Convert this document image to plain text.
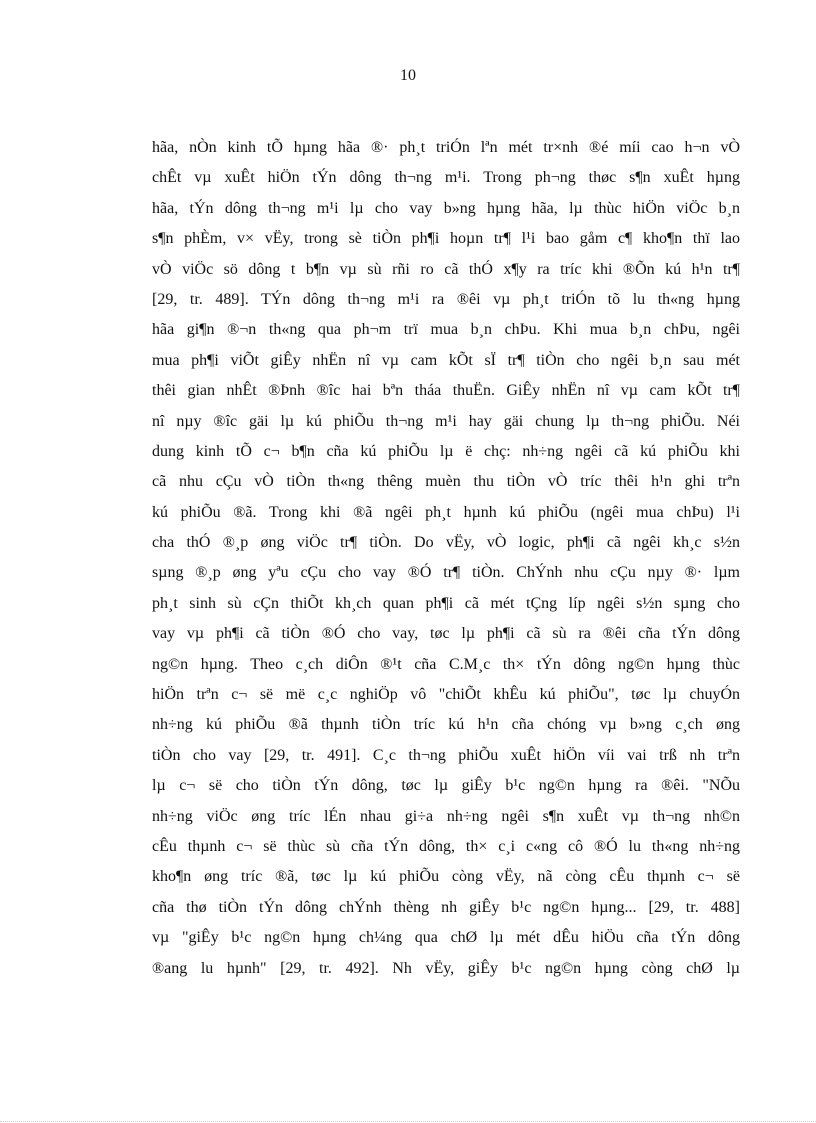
10
hãa, nÒn kinh tÕ hµng hãa ®· ph¸t triÓn lªn mét tr×nh ®é míi cao h¬n vÒ
chÊt vµ xuÊt hiÖn tÝn dông th¬ng m¹i. Trong ph¬ng thøc s¶n xuÊt hµng
hãa, tÝn dông th¬ng m¹i lµ cho vay b»ng hµng hãa, lµ thùc hiÖn viÖc b¸n
s¶n phÈm, v× vËy, trong sè tiÒn ph¶i hoµn tr¶ l¹i bao gåm c¶ kho¶n thï lao
vÒ viÖc sö dông t b¶n vµ sù rñi ro cã thÓ x¶y ra tríc khi ®Õn kú h¹n tr¶
[29, tr. 489]. TÝn dông th¬ng m¹i ra ®êi vµ ph¸t triÓn tõ lu th«ng hµng
hãa gi¶n ®¬n th«ng qua ph¬m trï mua b¸n chÞu. Khi mua b¸n chÞu, ngêi
mua ph¶i viÕt giÊy nhËn nî vµ cam kÕt sÏ tr¶ tiÒn cho ngêi b¸n sau mét
thêi gian nhÊt ®Þnh ®îc hai bªn tháa thuËn. GiÊy nhËn nî vµ cam kÕt tr¶
nî nµy ®îc gäi lµ kú phiÕu th¬ng m¹i hay gäi chung lµ th¬ng phiÕu. Néi
dung kinh tÕ c¬ b¶n cña kú phiÕu lµ ë chç: nh÷ng ngêi cã kú phiÕu khi
cã nhu cÇu vÒ tiÒn th«ng thêng muèn thu tiÒn vÒ tríc thêi h¹n ghi trªn
kú phiÕu ®ã. Trong khi ®ã ngêi ph¸t hµnh kú phiÕu (ngêi mua chÞu) l¹i
cha thÓ ®¸p øng viÖc tr¶ tiÒn. Do vËy, vÒ logic, ph¶i cã ngêi kh¸c s½n
sµng ®¸p øng yªu cÇu cho vay ®Ó tr¶ tiÒn. ChÝnh nhu cÇu nµy ®· lµm
ph¸t sinh sù cÇn thiÕt kh¸ch quan ph¶i cã mét tÇng líp ngêi s½n sµng cho
vay vµ ph¶i cã tiÒn ®Ó cho vay, tøc lµ ph¶i cã sù ra ®êi cña tÝn dông
ng©n hµng. Theo c¸ch diÔn ®¹t cña C.M¸c th× tÝn dông ng©n hµng thùc
hiÖn trªn c¬ së më c¸c nghiÖp vô "chiÕt khÊu kú phiÕu", tøc lµ chuyÓn
nh÷ng kú phiÕu ®ã thµnh tiÒn tríc kú h¹n cña chóng vµ b»ng c¸ch øng
tiÒn cho vay [29, tr. 491]. C¸c th¬ng phiÕu xuÊt hiÖn víi vai trß nh trªn
lµ c¬ së cho tiÒn tÝn dông, tøc lµ giÊy b¹c ng©n hµng ra ®êi. "NÕu
nh÷ng viÖc øng tríc lÉn nhau gi÷a nh÷ng ngêi s¶n xuÊt vµ th¬ng nh©n
cÊu thµnh c¬ së thùc sù cña tÝn dông, th× c¸i c«ng cô ®Ó lu th«ng nh÷ng
kho¶n øng tríc ®ã, tøc lµ kú phiÕu còng vËy, nã còng cÊu thµnh c¬ së
cña thø tiÒn tÝn dông chÝnh thèng nh giÊy b¹c ng©n hµng... [29, tr. 488]
vµ "giÊy b¹c ng©n hµng ch¼ng qua chØ lµ mét dÊu hiÖu cña tÝn dông
®ang lu hµnh" [29, tr. 492]. Nh vËy, giÊy b¹c ng©n hµng còng chØ lµ
